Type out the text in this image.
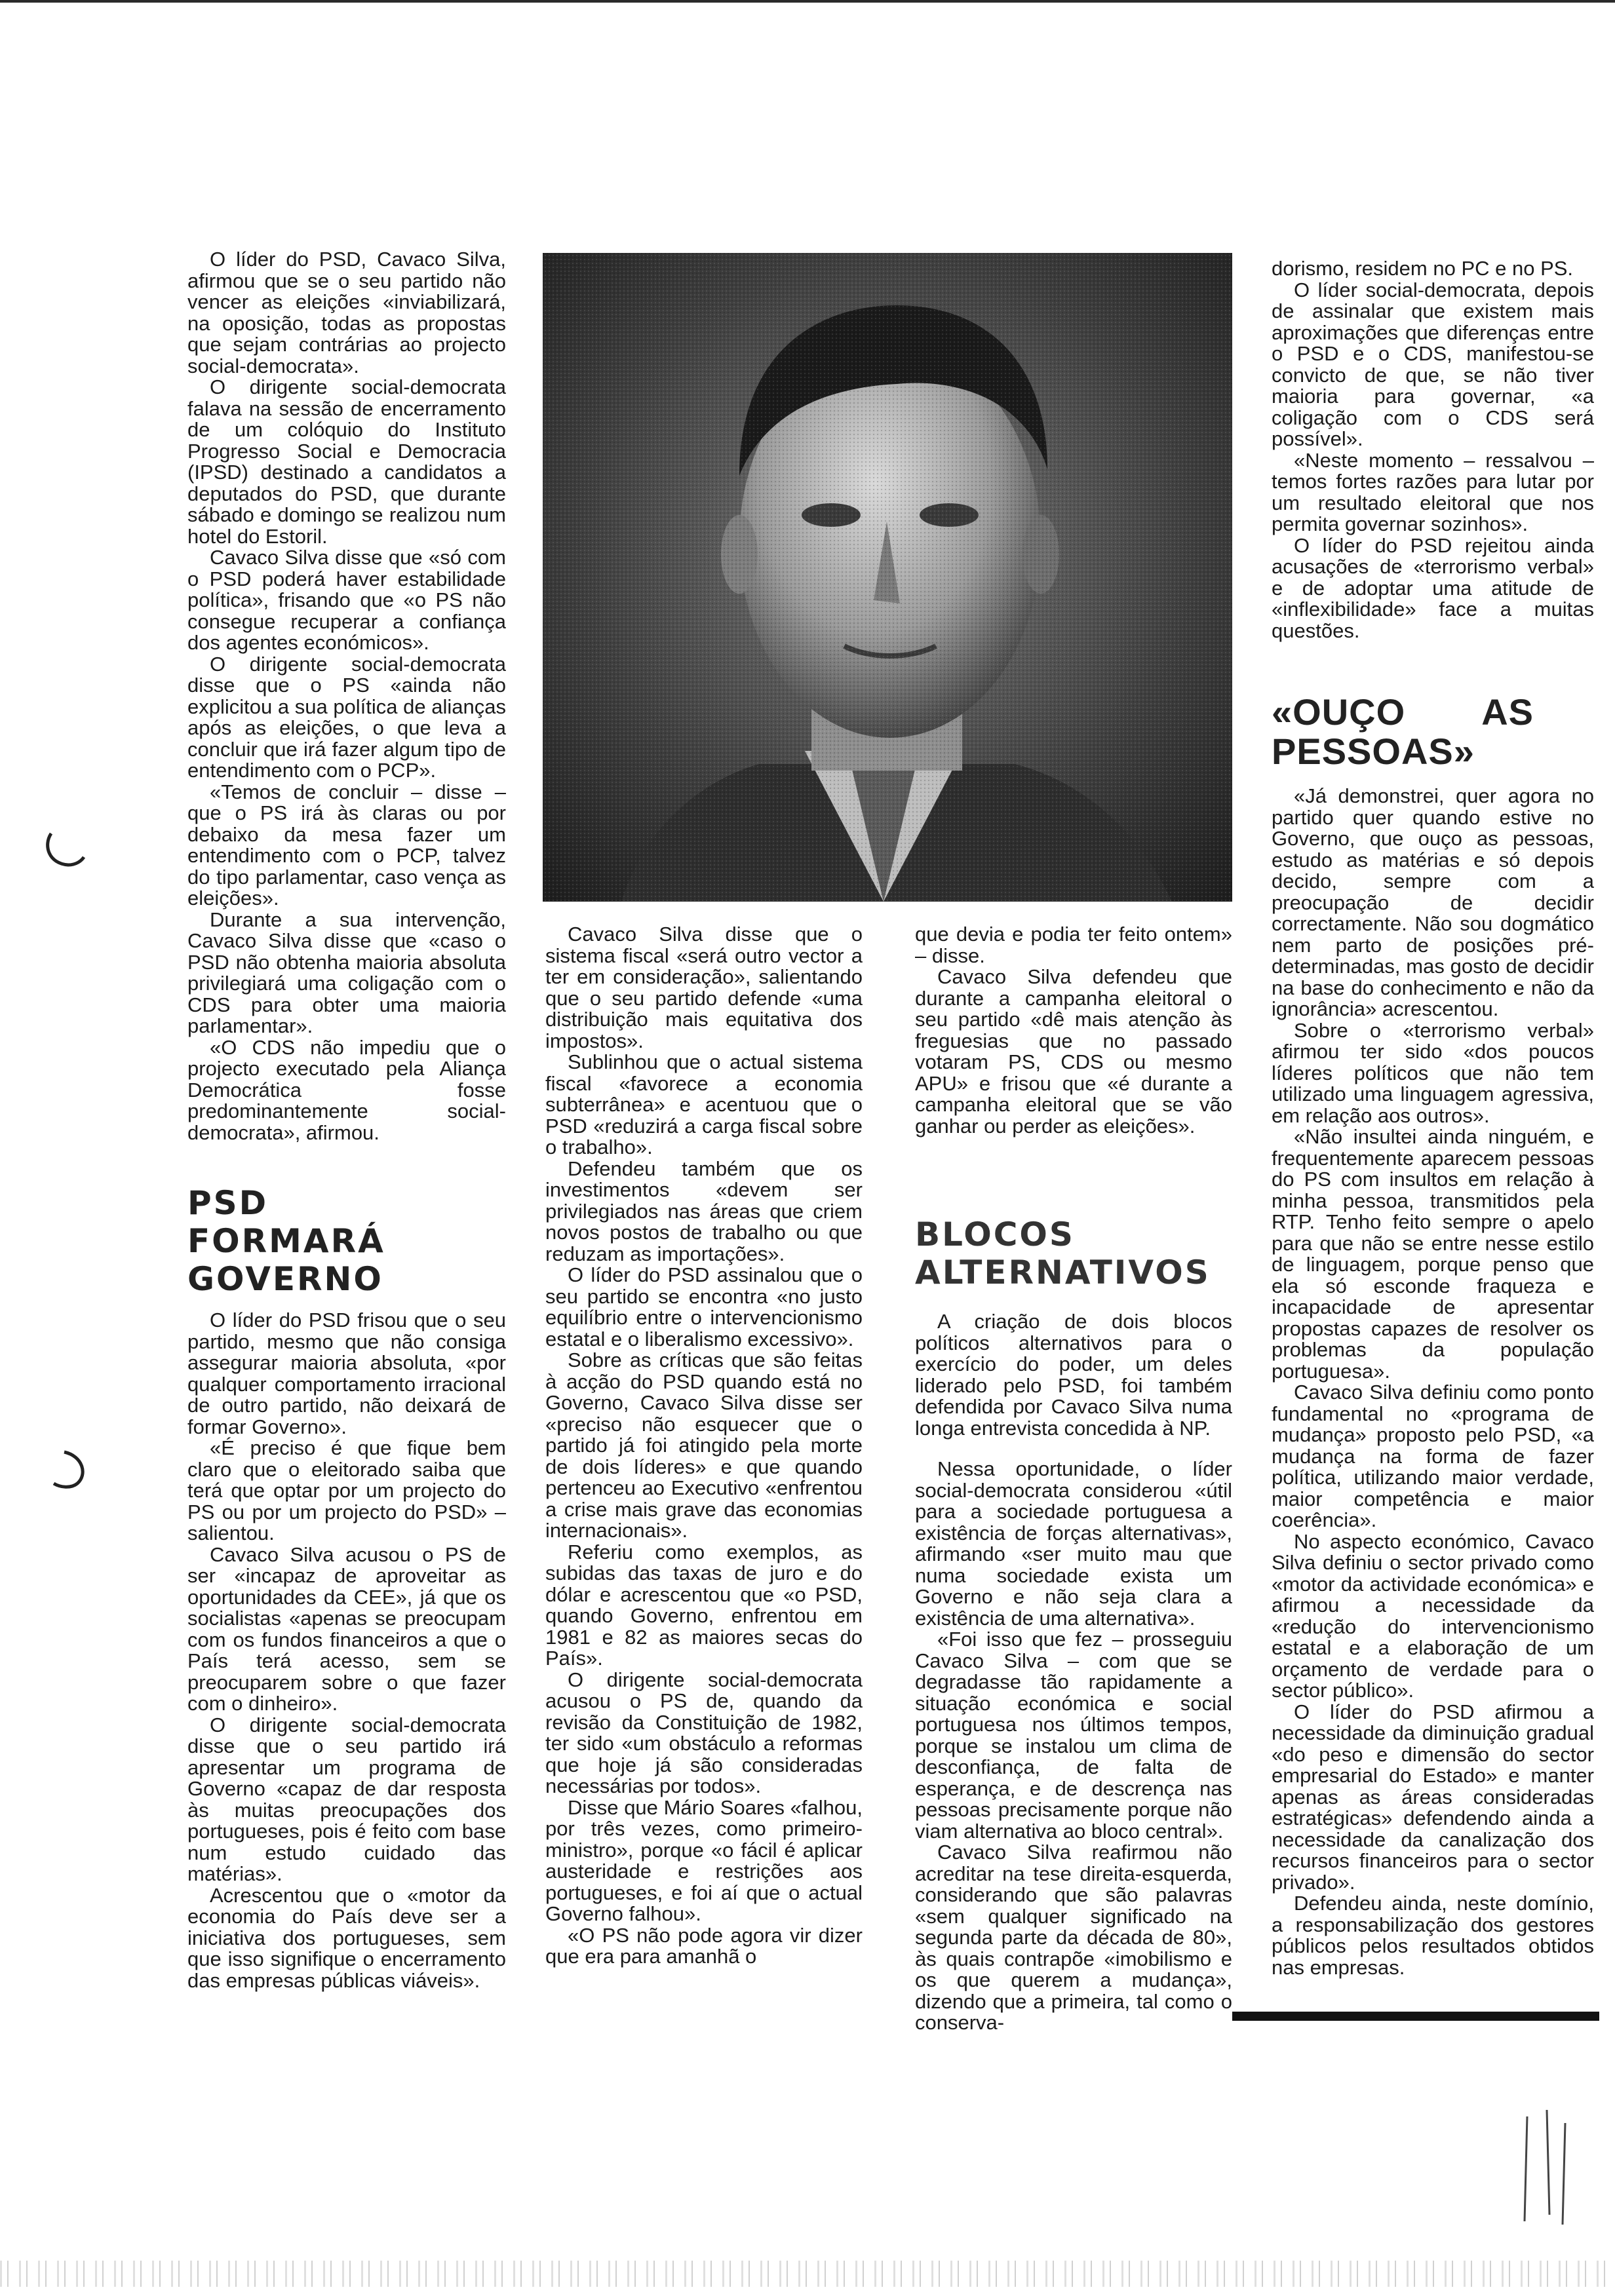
O líder do PSD, Cavaco Silva, afirmou que se o seu partido não vencer as eleições «inviabilizará, na oposição, todas as propostas que sejam contrárias ao projecto social-democrata».

O dirigente social-democrata falava na sessão de encerramento de um colóquio do Instituto Progresso Social e Democracia (IPSD) destinado a candidatos a deputados do PSD, que durante sábado e domingo se realizou num hotel do Estoril.

Cavaco Silva disse que «só com o PSD poderá haver estabilidade política», frisando que «o PS não consegue recuperar a confiança dos agentes económicos».

O dirigente social-democrata disse que o PS «ainda não explicitou a sua política de alianças após as eleições, o que leva a concluir que irá fazer algum tipo de entendimento com o PCP».

«Temos de concluir – disse – que o PS irá às claras ou por debaixo da mesa fazer um entendimento com o PCP, talvez do tipo parlamentar, caso vença as eleições».

Durante a sua intervenção, Cavaco Silva disse que «caso o PSD não obtenha maioria absoluta privilegiará uma coligação com o CDS para obter uma maioria parlamentar».

«O CDS não impediu que o projecto executado pela Aliança Democrática fosse predominantemente social-democrata», afirmou.

PSD FORMARÁ GOVERNO

O líder do PSD frisou que o seu partido, mesmo que não consiga assegurar maioria absoluta, «por qualquer comportamento irracional de outro partido, não deixará de formar Governo».

«É preciso é que fique bem claro que o eleitorado saiba que terá que optar por um projecto do PS ou por um projecto do PSD» – salientou.

Cavaco Silva acusou o PS de ser «incapaz de aproveitar as oportunidades da CEE», já que os socialistas «apenas se preocupam com os fundos financeiros a que o País terá acesso, sem se preocuparem sobre o que fazer com o dinheiro».

O dirigente social-democrata disse que o seu partido irá apresentar um programa de Governo «capaz de dar resposta às muitas preocupações dos portugueses, pois é feito com base num estudo cuidado das matérias».

Acrescentou que o «motor da economia do País deve ser a iniciativa dos portugueses, sem que isso signifique o encerramento das empresas públicas viáveis».

Cavaco Silva disse que o sistema fiscal «será outro vector a ter em consideração», salientando que o seu partido defende «uma distribuição mais equitativa dos impostos».

Sublinhou que o actual sistema fiscal «favorece a economia subterrânea» e acentuou que o PSD «reduzirá a carga fiscal sobre o trabalho».

Defendeu também que os investimentos «devem ser privilegiados nas áreas que criem novos postos de trabalho ou que reduzam as importações».

O líder do PSD assinalou que o seu partido se encontra «no justo equilíbrio entre o intervencionismo estatal e o liberalismo excessivo».

Sobre as críticas que são feitas à acção do PSD quando está no Governo, Cavaco Silva disse ser «preciso não esquecer que o partido já foi atingido pela morte de dois líderes» e que quando pertenceu ao Executivo «enfrentou a crise mais grave das economias internacionais».

Referiu como exemplos, as subidas das taxas de juro e do dólar e acrescentou que «o PSD, quando Governo, enfrentou em 1981 e 82 as maiores secas do País».

O dirigente social-democrata acusou o PS de, quando da revisão da Constituição de 1982, ter sido «um obstáculo a reformas que hoje já são consideradas necessárias por todos».

Disse que Mário Soares «falhou, por três vezes, como primeiro-ministro», porque «o fácil é aplicar austeridade e restrições aos portugueses, e foi aí que o actual Governo falhou».

«O PS não pode agora vir dizer que era para amanhã o

que devia e podia ter feito ontem» – disse.

Cavaco Silva defendeu que durante a campanha eleitoral o seu partido «dê mais atenção às freguesias que no passado votaram PS, CDS ou mesmo APU» e frisou que «é durante a campanha eleitoral que se vão ganhar ou perder as eleições».

BLOCOS ALTERNATIVOS

A criação de dois blocos políticos alternativos para o exercício do poder, um deles liderado pelo PSD, foi também defendida por Cavaco Silva numa longa entrevista concedida à NP.

Nessa oportunidade, o líder social-democrata considerou «útil para a sociedade portuguesa a existência de forças alternativas», afirmando «ser muito mau que numa sociedade exista um Governo e não seja clara a existência de uma alternativa».

«Foi isso que fez – prosseguiu Cavaco Silva – com que se degradasse tão rapidamente a situação económica e social portuguesa nos últimos tempos, porque se instalou um clima de desconfiança, de falta de esperança, e de descrença nas pessoas precisamente porque não viam alternativa ao bloco central».

Cavaco Silva reafirmou não acreditar na tese direita-esquerda, considerando que são palavras «sem qualquer significado na segunda parte da década de 80», às quais contrapõe «imobilismo e os que querem a mudança», dizendo que a primeira, tal como o conserva-

dorismo, residem no PC e no PS.

O líder social-democrata, depois de assinalar que existem mais aproximações que diferenças entre o PSD e o CDS, manifestou-se convicto de que, se não tiver maioria para governar, «a coligação com o CDS será possível».

«Neste momento – ressalvou – temos fortes razões para lutar por um resultado eleitoral que nos permita governar sozinhos».

O líder do PSD rejeitou ainda acusações de «terrorismo verbal» e de adoptar uma atitude de «inflexibilidade» face a muitas questões.

«OUÇO AS PESSOAS»

«Já demonstrei, quer agora no partido quer quando estive no Governo, que ouço as pessoas, estudo as matérias e só depois decido, sempre com a preocupação de decidir correctamente. Não sou dogmático nem parto de posições pré-determinadas, mas gosto de decidir na base do conhecimento e não da ignorância» acrescentou.

Sobre o «terrorismo verbal» afirmou ter sido «dos poucos líderes políticos que não tem utilizado uma linguagem agressiva, em relação aos outros».

«Não insultei ainda ninguém, e frequentemente aparecem pessoas do PS com insultos em relação à minha pessoa, transmitidos pela RTP. Tenho feito sempre o apelo para que não se entre nesse estilo de linguagem, porque penso que ela só esconde fraqueza e incapacidade de apresentar propostas capazes de resolver os problemas da população portuguesa».

Cavaco Silva definiu como ponto fundamental no «programa de mudança» proposto pelo PSD, «a mudança na forma de fazer política, utilizando maior verdade, maior competência e maior coerência».

No aspecto económico, Cavaco Silva definiu o sector privado como «motor da actividade económica» e afirmou a necessidade da «redução do intervencionismo estatal e a elaboração de um orçamento de verdade para o sector público».

O líder do PSD afirmou a necessidade da diminuição gradual «do peso e dimensão do sector empresarial do Estado» e manter apenas as áreas consideradas estratégicas» defendendo ainda a necessidade da canalização dos recursos financeiros para o sector privado».

Defendeu ainda, neste domínio, a responsabilização dos gestores públicos pelos resultados obtidos nas empresas.
